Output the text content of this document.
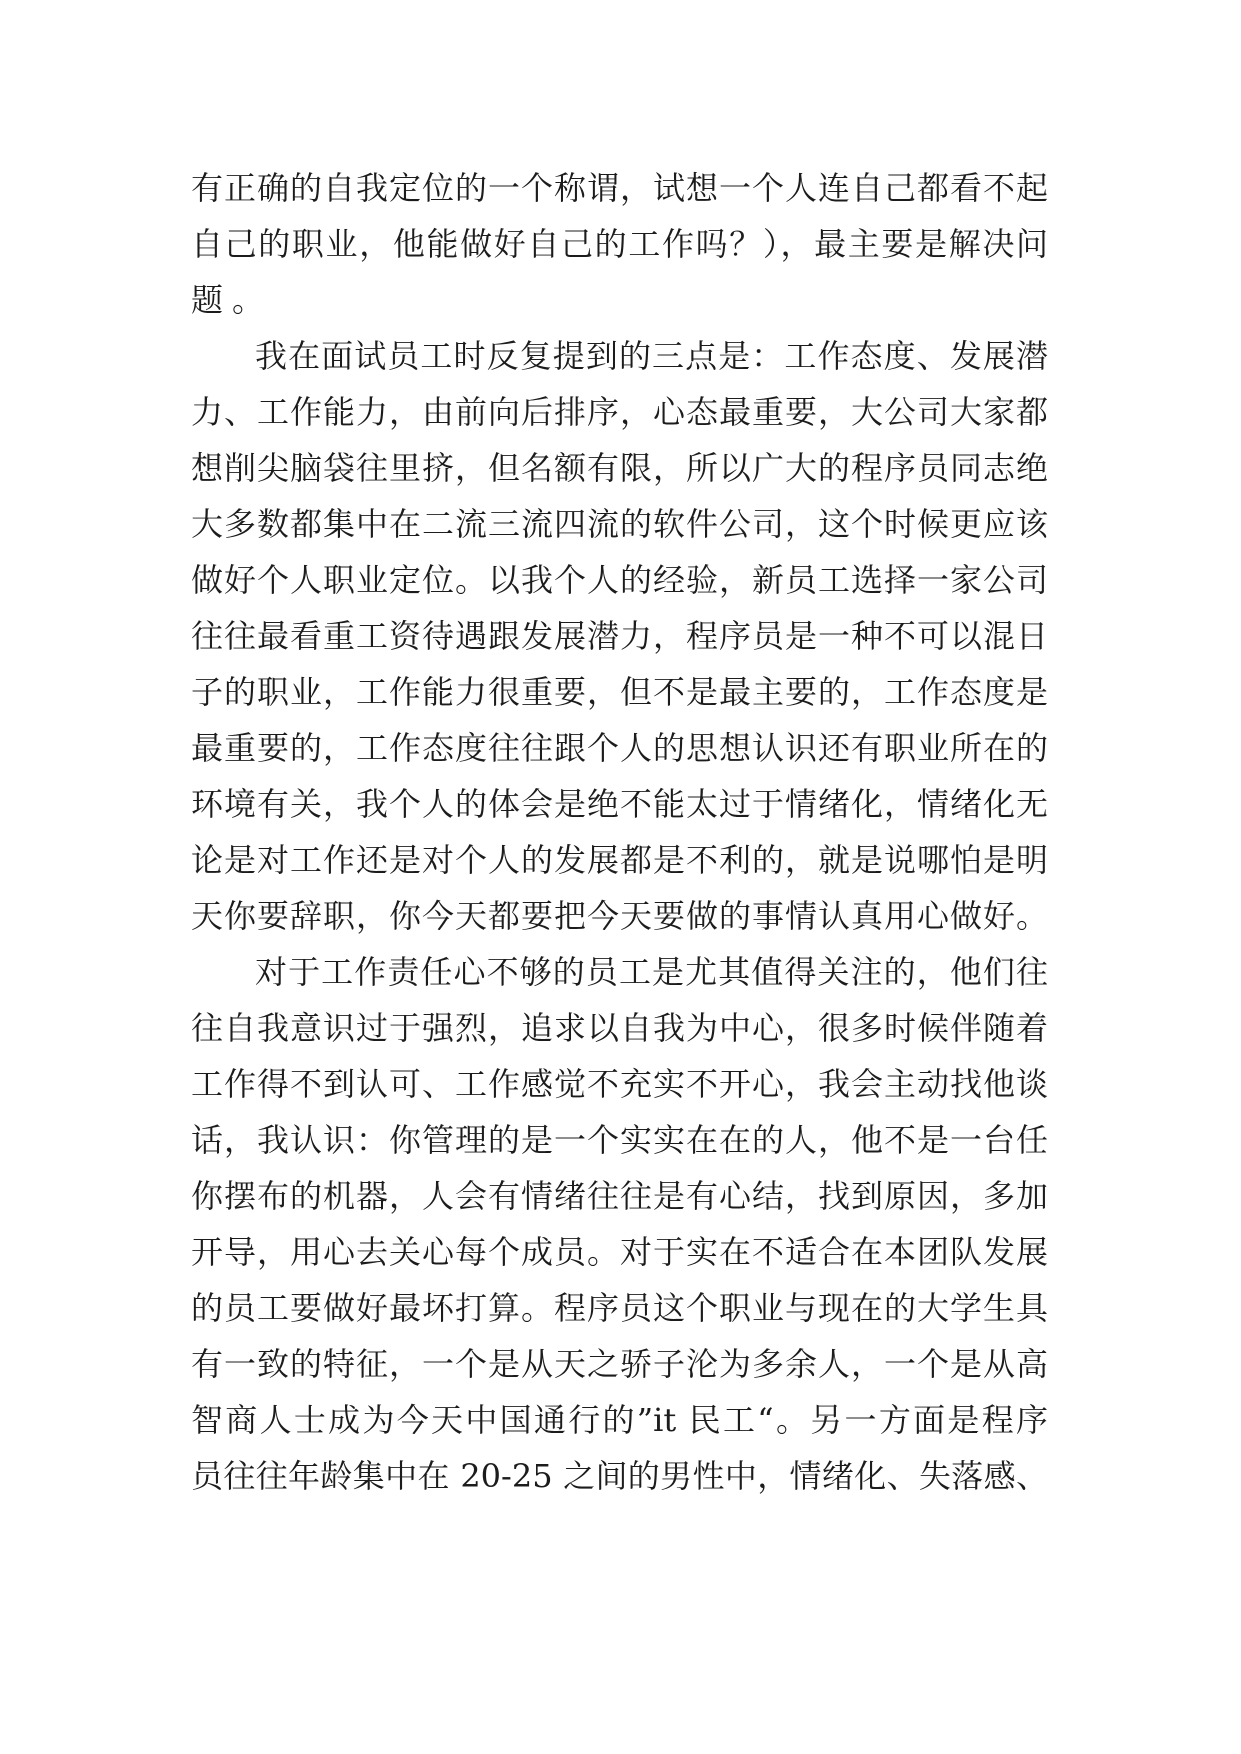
有正确的自我定位的一个称谓，试想一个人连自己都看不起
自己的职业，他能做好自己的工作吗？），最主要是解决问
题。
我在面试员工时反复提到的三点是：工作态度、发展潜
力、工作能力，由前向后排序，心态最重要，大公司大家都
想削尖脑袋往里挤，但名额有限，所以广大的程序员同志绝
大多数都集中在二流三流四流的软件公司，这个时候更应该
做好个人职业定位。以我个人的经验，新员工选择一家公司
往往最看重工资待遇跟发展潜力，程序员是一种不可以混日
子的职业，工作能力很重要，但不是最主要的，工作态度是
最重要的，工作态度往往跟个人的思想认识还有职业所在的
环境有关，我个人的体会是绝不能太过于情绪化，情绪化无
论是对工作还是对个人的发展都是不利的，就是说哪怕是明
天你要辞职，你今天都要把今天要做的事情认真用心做好。
对于工作责任心不够的员工是尤其值得关注的，他们往
往自我意识过于强烈，追求以自我为中心，很多时候伴随着
工作得不到认可、工作感觉不充实不开心，我会主动找他谈
话，我认识：你管理的是一个实实在在的人，他不是一台任
你摆布的机器，人会有情绪往往是有心结，找到原因，多加
开导，用心去关心每个成员。对于实在不适合在本团队发展
的员工要做好最坏打算。程序员这个职业与现在的大学生具
有一致的特征，一个是从天之骄子沦为多余人，一个是从高
智商人士成为今天中国通行的”it 民工“。另一方面是程序
员往往年龄集中在 20-25 之间的男性中，情绪化、失落感、
